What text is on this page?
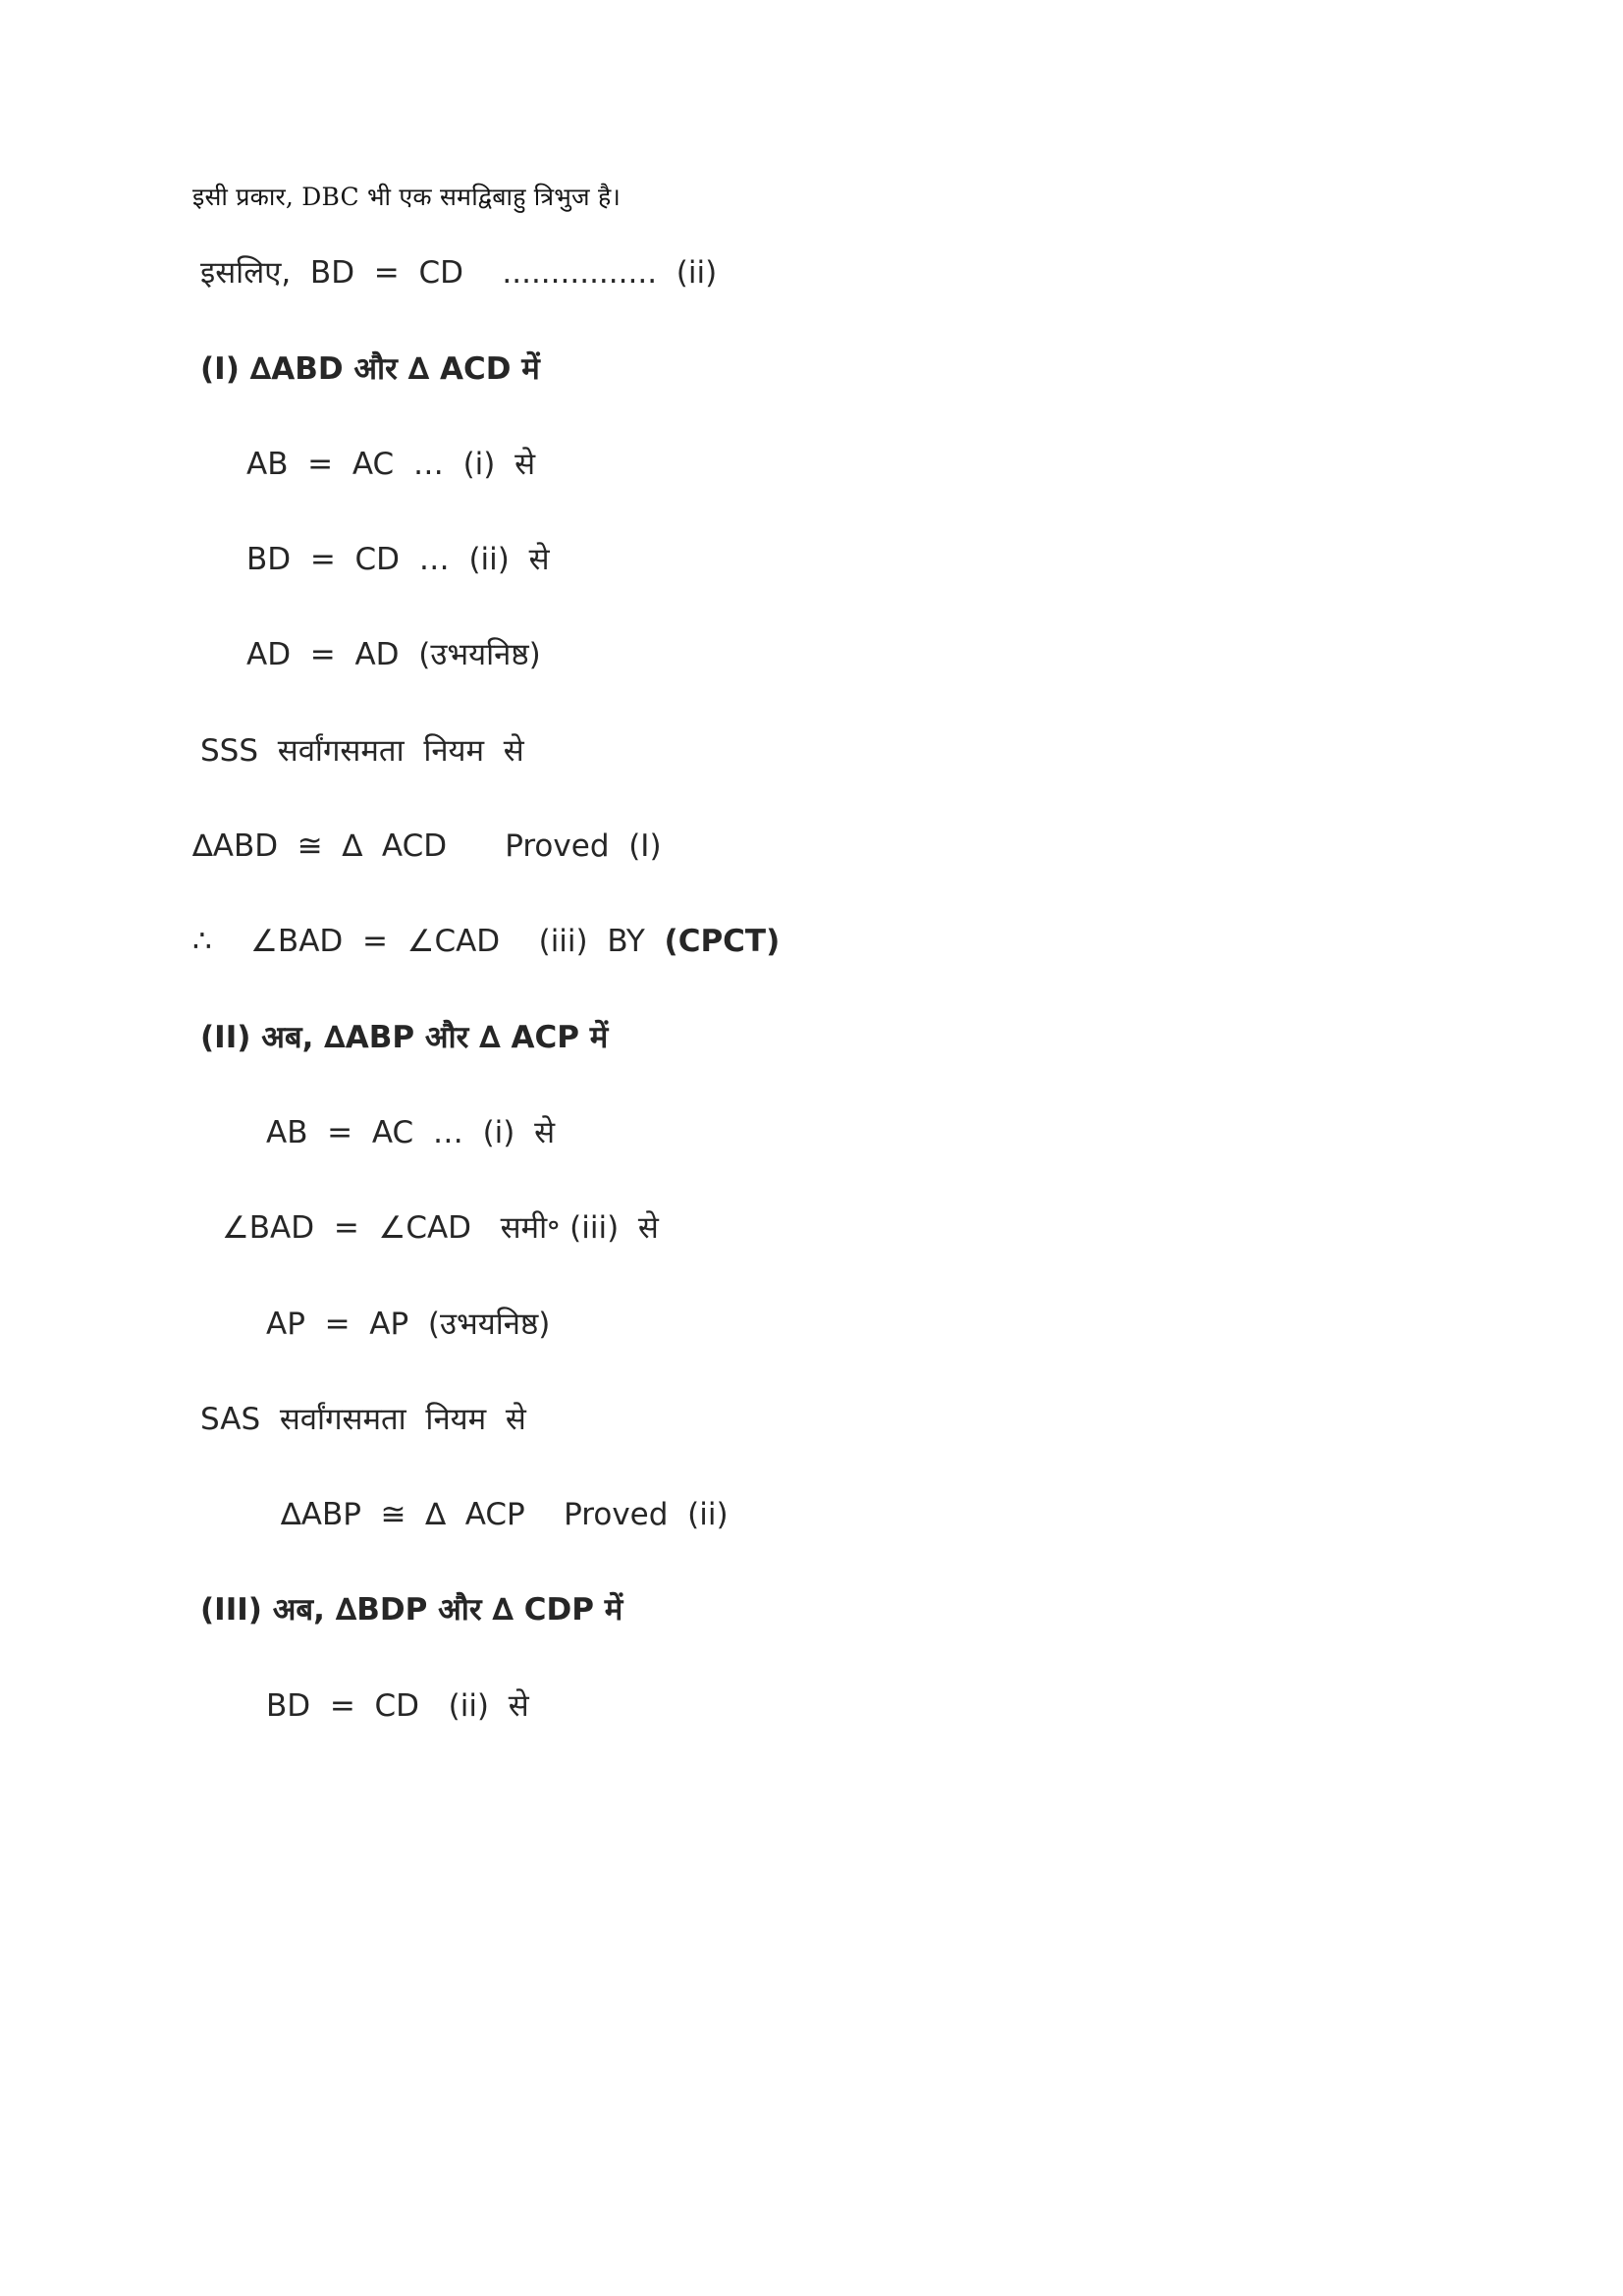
इसी प्रकार, DBC भी एक समद्विबाहु त्रिभुज है।

इसलिए,  BD  =  CD    ................  (ii)

(I) ∆ABD और ∆ ACD में

AB  =  AC  …  (i)  से

BD  =  CD  …  (ii)  से

AD  =  AD  (उभयनिष्ठ)

SSS  सर्वांगसमता  नियम  से

∆ABD  ≅  ∆  ACD      Proved  (I)

∴    ∠BAD  =  ∠CAD    (iii)  BY  (CPCT)

(II) अब, ∆ABP और ∆ ACP में

AB  =  AC  …  (i)  से

∠BAD  =  ∠CAD   समी॰ (iii)  से

AP  =  AP  (उभयनिष्ठ)

SAS  सर्वांगसमता  नियम  से

∆ABP  ≅  ∆  ACP    Proved  (ii)

(III) अब, ∆BDP और ∆ CDP में

BD  =  CD   (ii)  से
